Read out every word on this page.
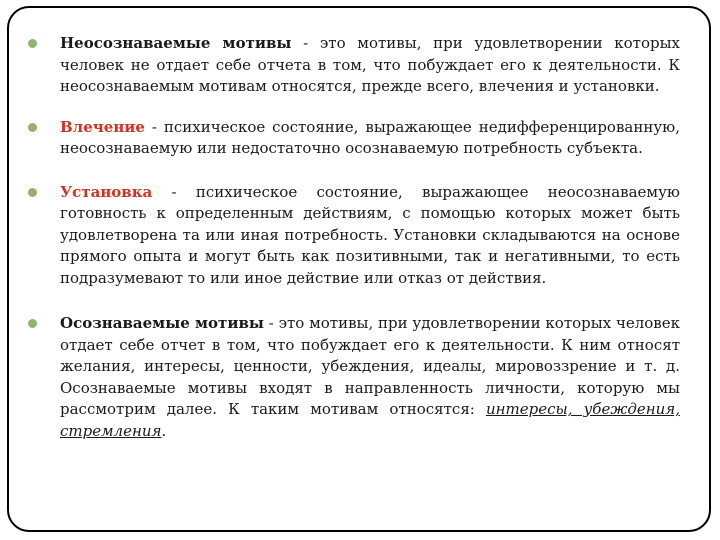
Неосознаваемые мотивы - это мотивы, при удовлетворении которых человек не отдает себе отчета в том, что побуждает его к деятельности. К неосознаваемым мотивам относятся, прежде всего, влечения и установки.
Влечение - психическое состояние, выражающее недифференцированную, неосознаваемую или недостаточно осознаваемую потребность субъекта.
Установка - психическое состояние, выражающее неосознаваемую готовность к определенным действиям, с помощью которых может быть удовлетворена та или иная потребность. Установки складываются на основе прямого опыта и могут быть как позитивными, так и негативными, то есть подразумевают то или иное действие или отказ от действия.
Осознаваемые мотивы - это мотивы, при удовлетворении которых человек отдает себе отчет в том, что побуждает его к деятельности. К ним относят желания, интересы, ценности, убеждения, идеалы, мировоззрение и т. д. Осознаваемые мотивы входят в направленность личности, которую мы рассмотрим далее. К таким мотивам относятся: интересы, убеждения, стремления.
